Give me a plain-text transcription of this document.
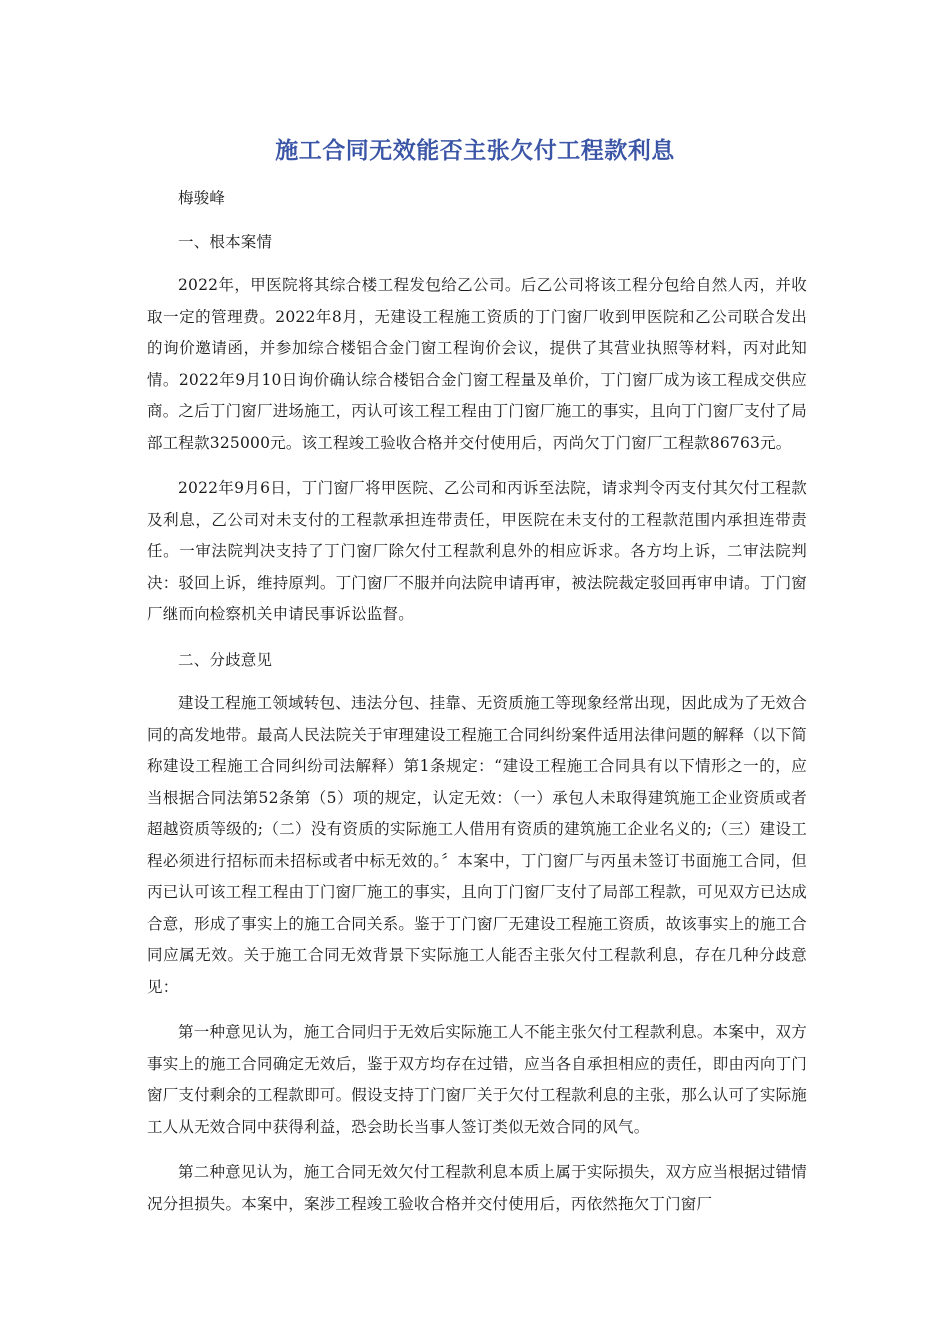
施工合同无效能否主张欠付工程款利息

梅骏峰

一、根本案情

2022年，甲医院将其综合楼工程发包给乙公司。后乙公司将该工程分包给自然人丙，并收取一定的管理费。2022年8月，无建设工程施工资质的丁门窗厂收到甲医院和乙公司联合发出的询价邀请函，并参加综合楼铝合金门窗工程询价会议，提供了其营业执照等材料，丙对此知情。2022年9月10日询价确认综合楼铝合金门窗工程量及单价，丁门窗厂成为该工程成交供应商。之后丁门窗厂进场施工，丙认可该工程工程由丁门窗厂施工的事实，且向丁门窗厂支付了局部工程款325000元。该工程竣工验收合格并交付使用后，丙尚欠丁门窗厂工程款86763元。

2022年9月6日，丁门窗厂将甲医院、乙公司和丙诉至法院，请求判令丙支付其欠付工程款及利息，乙公司对未支付的工程款承担连带责任，甲医院在未支付的工程款范围内承担连带责任。一审法院判决支持了丁门窗厂除欠付工程款利息外的相应诉求。各方均上诉，二审法院判决：驳回上诉，维持原判。丁门窗厂不服并向法院申请再审，被法院裁定驳回再审申请。丁门窗厂继而向检察机关申请民事诉讼监督。

二、分歧意见

建设工程施工领域转包、违法分包、挂靠、无资质施工等现象经常出现，因此成为了无效合同的高发地带。最高人民法院关于审理建设工程施工合同纠纷案件适用法律问题的解释（以下简称建设工程施工合同纠纷司法解释）第1条规定：“建设工程施工合同具有以下情形之一的，应当根据合同法第52条第（5）项的规定，认定无效：（一）承包人未取得建筑施工企业资质或者超越资质等级的;（二）没有资质的实际施工人借用有资质的建筑施工企业名义的;（三）建设工程必须进行招标而未招标或者中标无效的。〞本案中，丁门窗厂与丙虽未签订书面施工合同，但丙已认可该工程工程由丁门窗厂施工的事实，且向丁门窗厂支付了局部工程款，可见双方已达成合意，形成了事实上的施工合同关系。鉴于丁门窗厂无建设工程施工资质，故该事实上的施工合同应属无效。关于施工合同无效背景下实际施工人能否主张欠付工程款利息，存在几种分歧意见：

第一种意见认为，施工合同归于无效后实际施工人不能主张欠付工程款利息。本案中，双方事实上的施工合同确定无效后，鉴于双方均存在过错，应当各自承担相应的责任，即由丙向丁门窗厂支付剩余的工程款即可。假设支持丁门窗厂关于欠付工程款利息的主张，那么认可了实际施工人从无效合同中获得利益，恐会助长当事人签订类似无效合同的风气。

第二种意见认为，施工合同无效欠付工程款利息本质上属于实际损失，双方应当根据过错情况分担损失。本案中，案涉工程竣工验收合格并交付使用后，丙依然拖欠丁门窗厂
